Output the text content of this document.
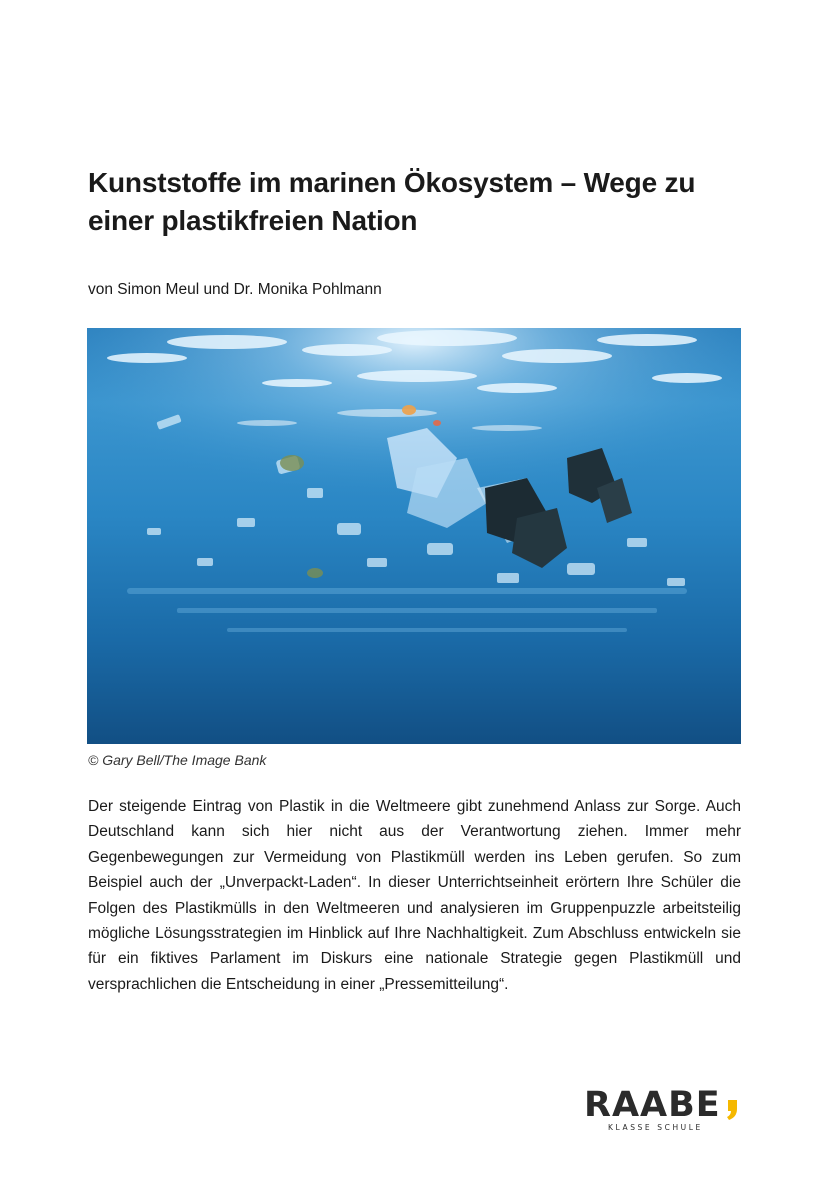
Kunststoffe im marinen Ökosystem – Wege zu einer plastikfreien Nation
von Simon Meul und Dr. Monika Pohlmann
© Gary Bell/The Image Bank

Der steigende Eintrag von Plastik in die Weltmeere gibt zunehmend Anlass zur Sorge. Auch Deutschland kann sich hier nicht aus der Verantwortung ziehen. Immer mehr Gegenbewegungen zur Vermeidung von Plastikmüll werden ins Leben gerufen. So zum Beispiel auch der „Unverpackt-Laden“. In dieser Unterrichtseinheit erörtern Ihre Schüler die Folgen des Plastikmülls in den Weltmeeren und analysieren im Gruppenpuzzle arbeitsteilig mögliche Lösungsstrategien im Hinblick auf Ihre Nachhaltigkeit. Zum Abschluss entwickeln sie für ein fiktives Parlament im Diskurs eine nationale Strategie gegen Plastikmüll und versprachlichen die Entscheidung in einer „Pressemitteilung“.

RAABE
KLASSE SCHULE
